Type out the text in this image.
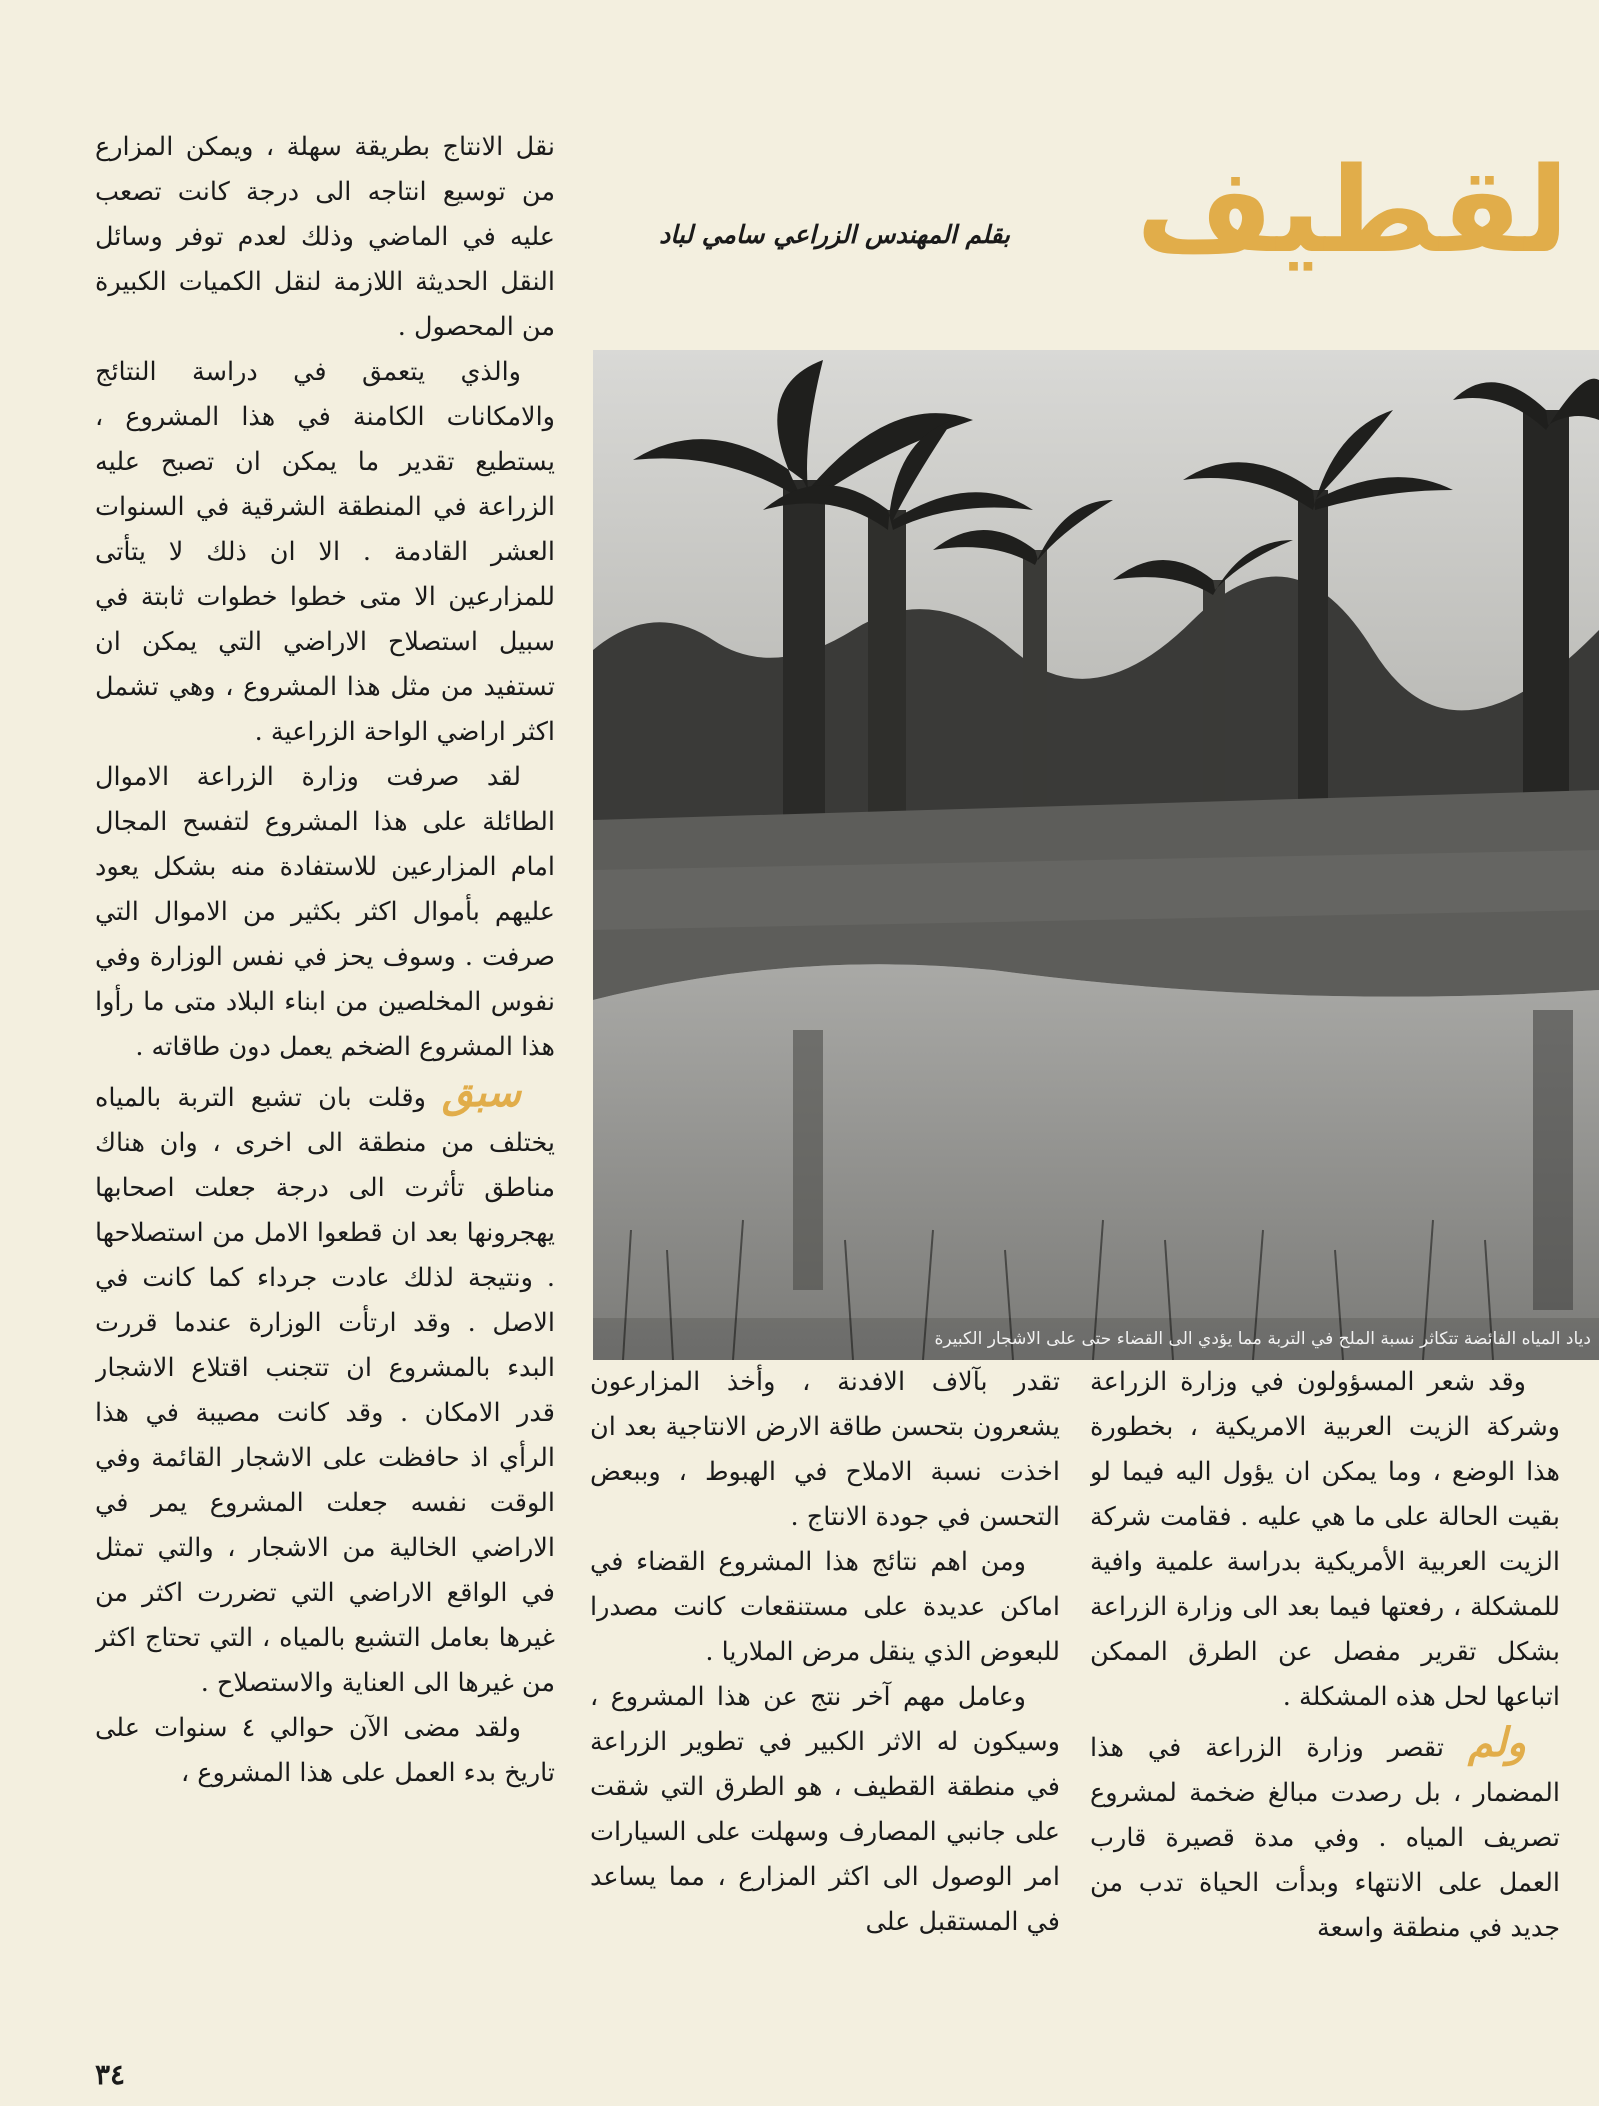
لقطيف
بقلم المهندس الزراعي سامي لباد
دياد المياه الفائضة تتكاثر نسبة الملح في التربة مما يؤدي الى القضاء حتى على الاشجار الكبيرة

نقل الانتاج بطريقة سهلة ، ويمكن المزارع من توسيع انتاجه الى درجة كانت تصعب عليه في الماضي وذلك لعدم توفر وسائل النقل الحديثة اللازمة لنقل الكميات الكبيرة من المحصول .

والذي يتعمق في دراسة النتائج والامكانات الكامنة في هذا المشروع ، يستطيع تقدير ما يمكن ان تصبح عليه الزراعة في المنطقة الشرقية في السنوات العشر القادمة . الا ان ذلك لا يتأتى للمزارعين الا متى خطوا خطوات ثابتة في سبيل استصلاح الاراضي التي يمكن ان تستفيد من مثل هذا المشروع ، وهي تشمل اكثر اراضي الواحة الزراعية .

لقد صرفت وزارة الزراعة الاموال الطائلة على هذا المشروع لتفسح المجال امام المزارعين للاستفادة منه بشكل يعود عليهم بأموال اكثر بكثير من الاموال التي صرفت . وسوف يحز في نفس الوزارة وفي نفوس المخلصين من ابناء البلاد متى ما رأوا هذا المشروع الضخم يعمل دون طاقاته .

سبق وقلت بان تشبع التربة بالمياه يختلف من منطقة الى اخرى ، وان هناك مناطق تأثرت الى درجة جعلت اصحابها يهجرونها بعد ان قطعوا الامل من استصلاحها . ونتيجة لذلك عادت جرداء كما كانت في الاصل . وقد ارتأت الوزارة عندما قررت البدء بالمشروع ان تتجنب اقتلاع الاشجار قدر الامكان . وقد كانت مصيبة في هذا الرأي اذ حافظت على الاشجار القائمة وفي الوقت نفسه جعلت المشروع يمر في الاراضي الخالية من الاشجار ، والتي تمثل في الواقع الاراضي التي تضررت اكثر من غيرها بعامل التشبع بالمياه ، التي تحتاج اكثر من غيرها الى العناية والاستصلاح .

ولقد مضى الآن حوالي ٤ سنوات على تاريخ بدء العمل على هذا المشروع ،

تقدر بآلاف الافدنة ، وأخذ المزارعون يشعرون بتحسن طاقة الارض الانتاجية بعد ان اخذت نسبة الاملاح في الهبوط ، وببعض التحسن في جودة الانتاج .

ومن اهم نتائج هذا المشروع القضاء في اماكن عديدة على مستنقعات كانت مصدرا للبعوض الذي ينقل مرض الملاريا .

وعامل مهم آخر نتج عن هذا المشروع ، وسيكون له الاثر الكبير في تطوير الزراعة في منطقة القطيف ، هو الطرق التي شقت على جانبي المصارف وسهلت على السيارات امر الوصول الى اكثر المزارع ، مما يساعد في المستقبل على

وقد شعر المسؤولون في وزارة الزراعة وشركة الزيت العربية الامريكية ، بخطورة هذا الوضع ، وما يمكن ان يؤول اليه فيما لو بقيت الحالة على ما هي عليه . فقامت شركة الزيت العربية الأمريكية بدراسة علمية وافية للمشكلة ، رفعتها فيما بعد الى وزارة الزراعة بشكل تقرير مفصل عن الطرق الممكن اتباعها لحل هذه المشكلة .

ولم تقصر وزارة الزراعة في هذا المضمار ، بل رصدت مبالغ ضخمة لمشروع تصريف المياه . وفي مدة قصيرة قارب العمل على الانتهاء وبدأت الحياة تدب من جديد في منطقة واسعة

٣٤
